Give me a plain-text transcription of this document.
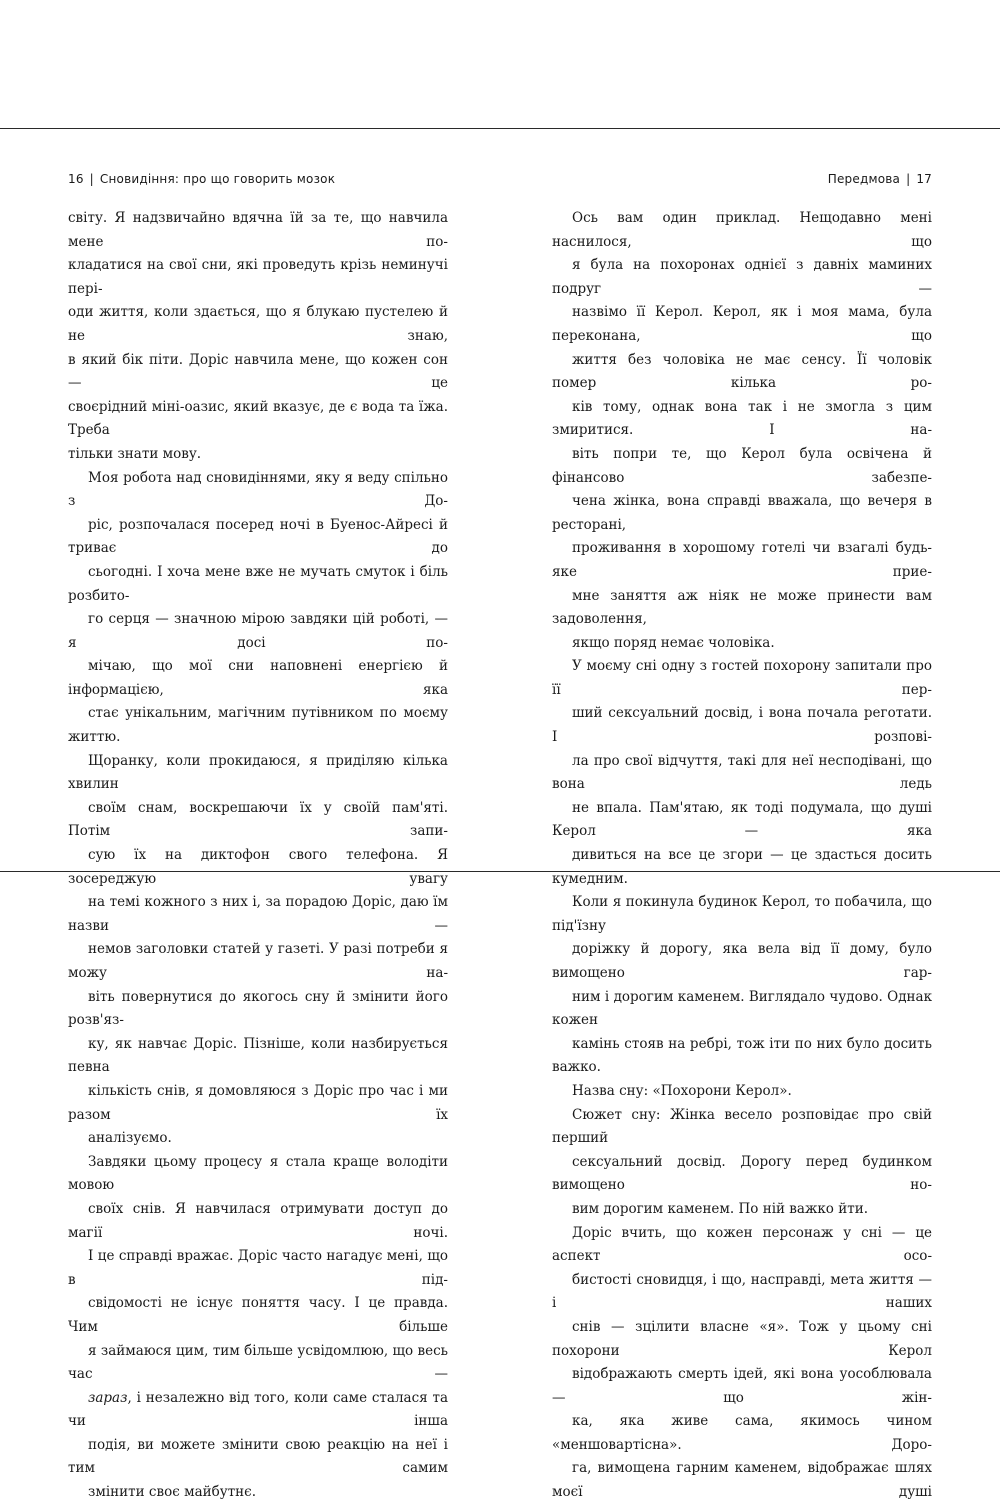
16 | Сновидіння: про що говорить мозок

світу. Я надзвичайно вдячна їй за те, що навчила мене по-
кладатися на свої сни, які проведуть крізь неминучі пері-
оди життя, коли здається, що я блукаю пустелею й не знаю,
в який бік піти. Доріс навчила мене, що кожен сон — це
своєрідний міні-оазис, який вказує, де є вода та їжа. Треба
тільки знати мову.

Моя робота над сновидіннями, яку я веду спільно з До-
ріс, розпочалася посеред ночі в Буенос-Айресі й триває до
сьогодні. І хоча мене вже не мучать смуток і біль розбито-
го серця — значною мірою завдяки цій роботі, — я досі по-
мічаю, що мої сни наповнені енергією й інформацією, яка
стає унікальним, магічним путівником по моєму життю.

Щоранку, коли прокидаюся, я приділяю кілька хвилин
своїм снам, воскрешаючи їх у своїй пам'яті. Потім запи-
сую їх на диктофон свого телефона. Я зосереджую увагу
на темі кожного з них і, за порадою Доріс, даю їм назви —
немов заголовки статей у газеті. У разі потреби я можу на-
віть повернутися до якогось сну й змінити його розв'яз-
ку, як навчає Доріс. Пізніше, коли назбирується певна
кількість снів, я домовляюся з Доріс про час і ми разом їх
аналізуємо.

Завдяки цьому процесу я стала краще володіти мовою
своїх снів. Я навчилася отримувати доступ до магії ночі.
І це справді вражає. Доріс часто нагадує мені, що в під-
свідомості не існує поняття часу. І це правда. Чим більше
я займаюся цим, тим більше усвідомлюю, що весь час —
зараз, і незалежно від того, коли саме сталася та чи інша
подія, ви можете змінити свою реакцію на неї і тим самим
змінити своє майбутнє.

Передмова | 17

Ось вам один приклад. Нещодавно мені наснилося, що
я була на похоронах однієї з давніх маминих подруг —
назвімо її Керол. Керол, як і моя мама, була переконана, що
життя без чоловіка не має сенсу. Її чоловік помер кілька ро-
ків тому, однак вона так і не змогла з цим змиритися. І на-
віть попри те, що Керол була освічена й фінансово забезпе-
чена жінка, вона справді вважала, що вечеря в ресторані,
проживання в хорошому готелі чи взагалі будь-яке прие-
мне заняття аж ніяк не може принести вам задоволення,
якщо поряд немає чоловіка.

У моєму сні одну з гостей похорону запитали про її пер-
ший сексуальний досвід, і вона почала реготати. І розпові-
ла про свої відчуття, такі для неї несподівані, що вона ледь
не впала. Пам'ятаю, як тоді подумала, що душі Керол — яка
дивиться на все це згори — це здасться досить кумедним.
Коли я покинула будинок Керол, то побачила, що під'їзну
доріжку й дорогу, яка вела від її дому, було вимощено гар-
ним і дорогим каменем. Виглядало чудово. Однак кожен
камінь стояв на ребрі, тож іти по них було досить важко.

Назва сну: «Похорони Керол».

Сюжет сну: Жінка весело розповідає про свій перший
сексуальний досвід. Дорогу перед будинком вимощено но-
вим дорогим каменем. По ній важко йти.

Доріс вчить, що кожен персонаж у сні — це аспект осо-
бистості сновидця, і що, насправді, мета життя — і наших
снів — зцілити власне «я». Тож у цьому сні похорони Керол
відображають смерть ідей, які вона уособлювала — що жін-
ка, яка живе сама, якимось чином «меншовартісна». Доро-
га, вимощена гарним каменем, відображає шлях моєї душі
